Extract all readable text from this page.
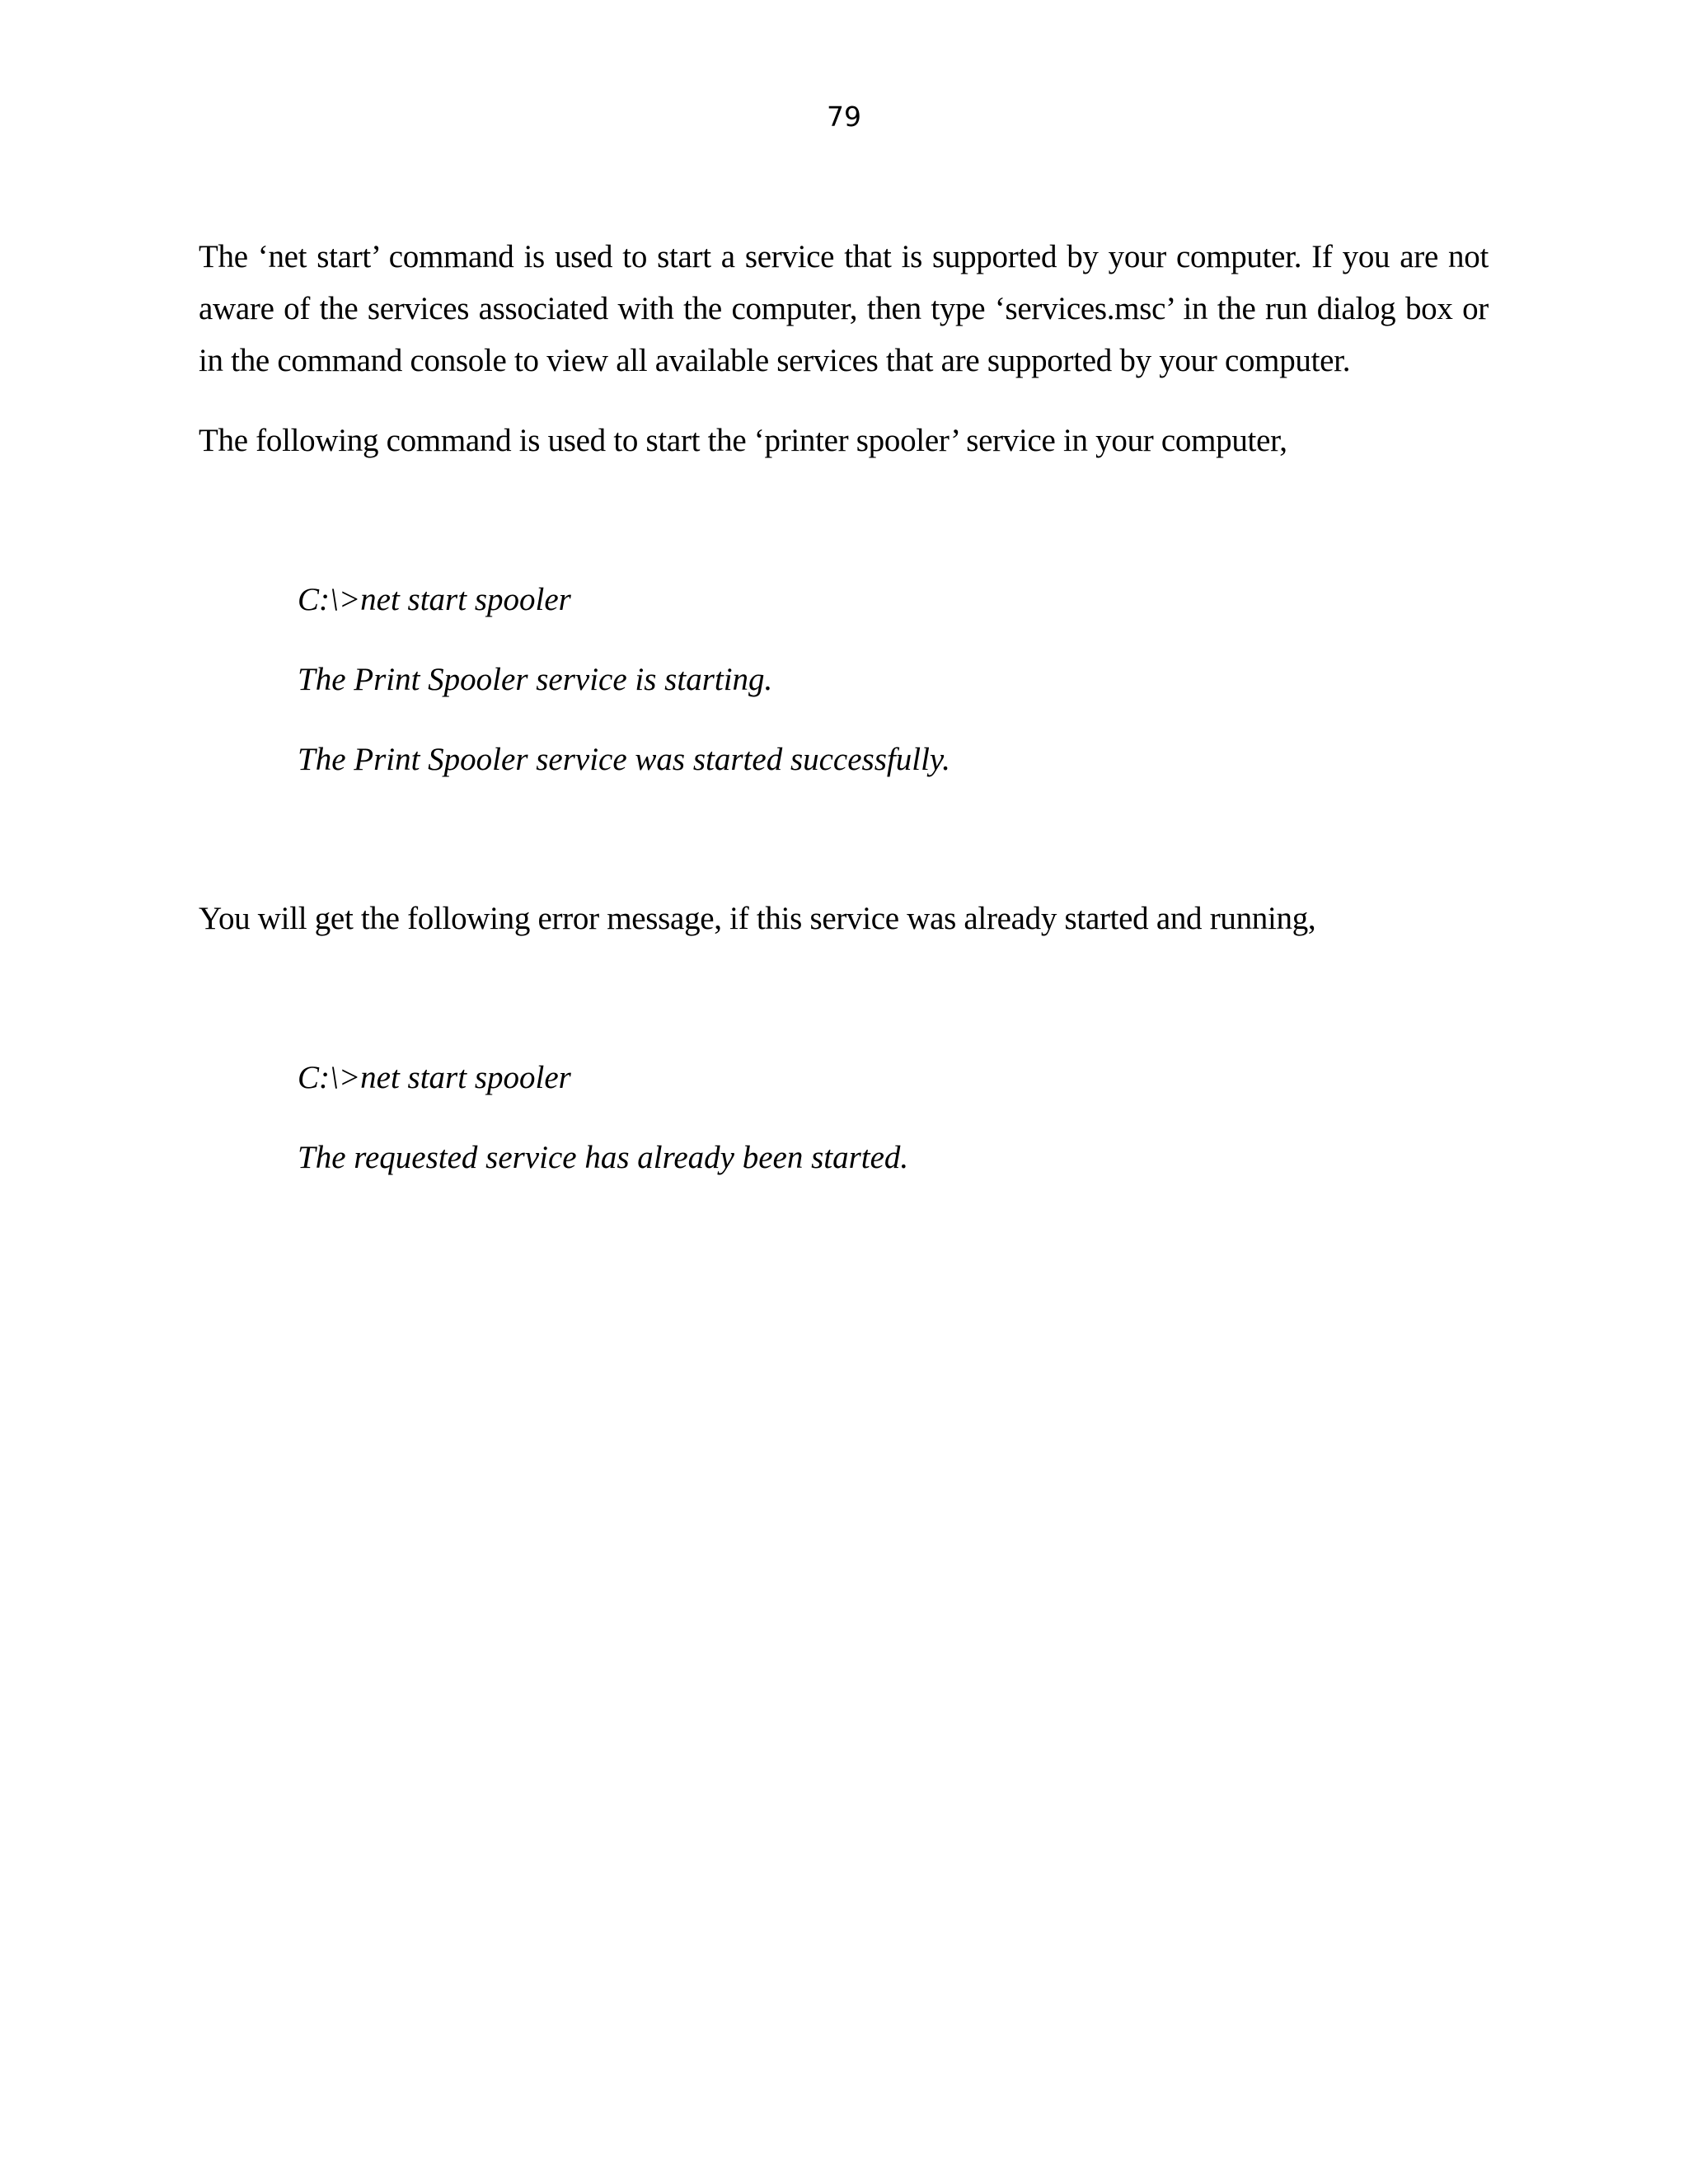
79

The ‘net start’ command is used to start a service that is supported by your computer. If you are not aware of the services associated with the computer, then type ‘services.msc’ in the run dialog box or in the command console to view all available services that are supported by your computer.

The following command is used to start the ‘printer spooler’ service in your computer,

C:\>net start spooler

The Print Spooler service is starting.

The Print Spooler service was started successfully.

You will get the following error message, if this service was already started and running,

C:\>net start spooler

The requested service has already been started.
